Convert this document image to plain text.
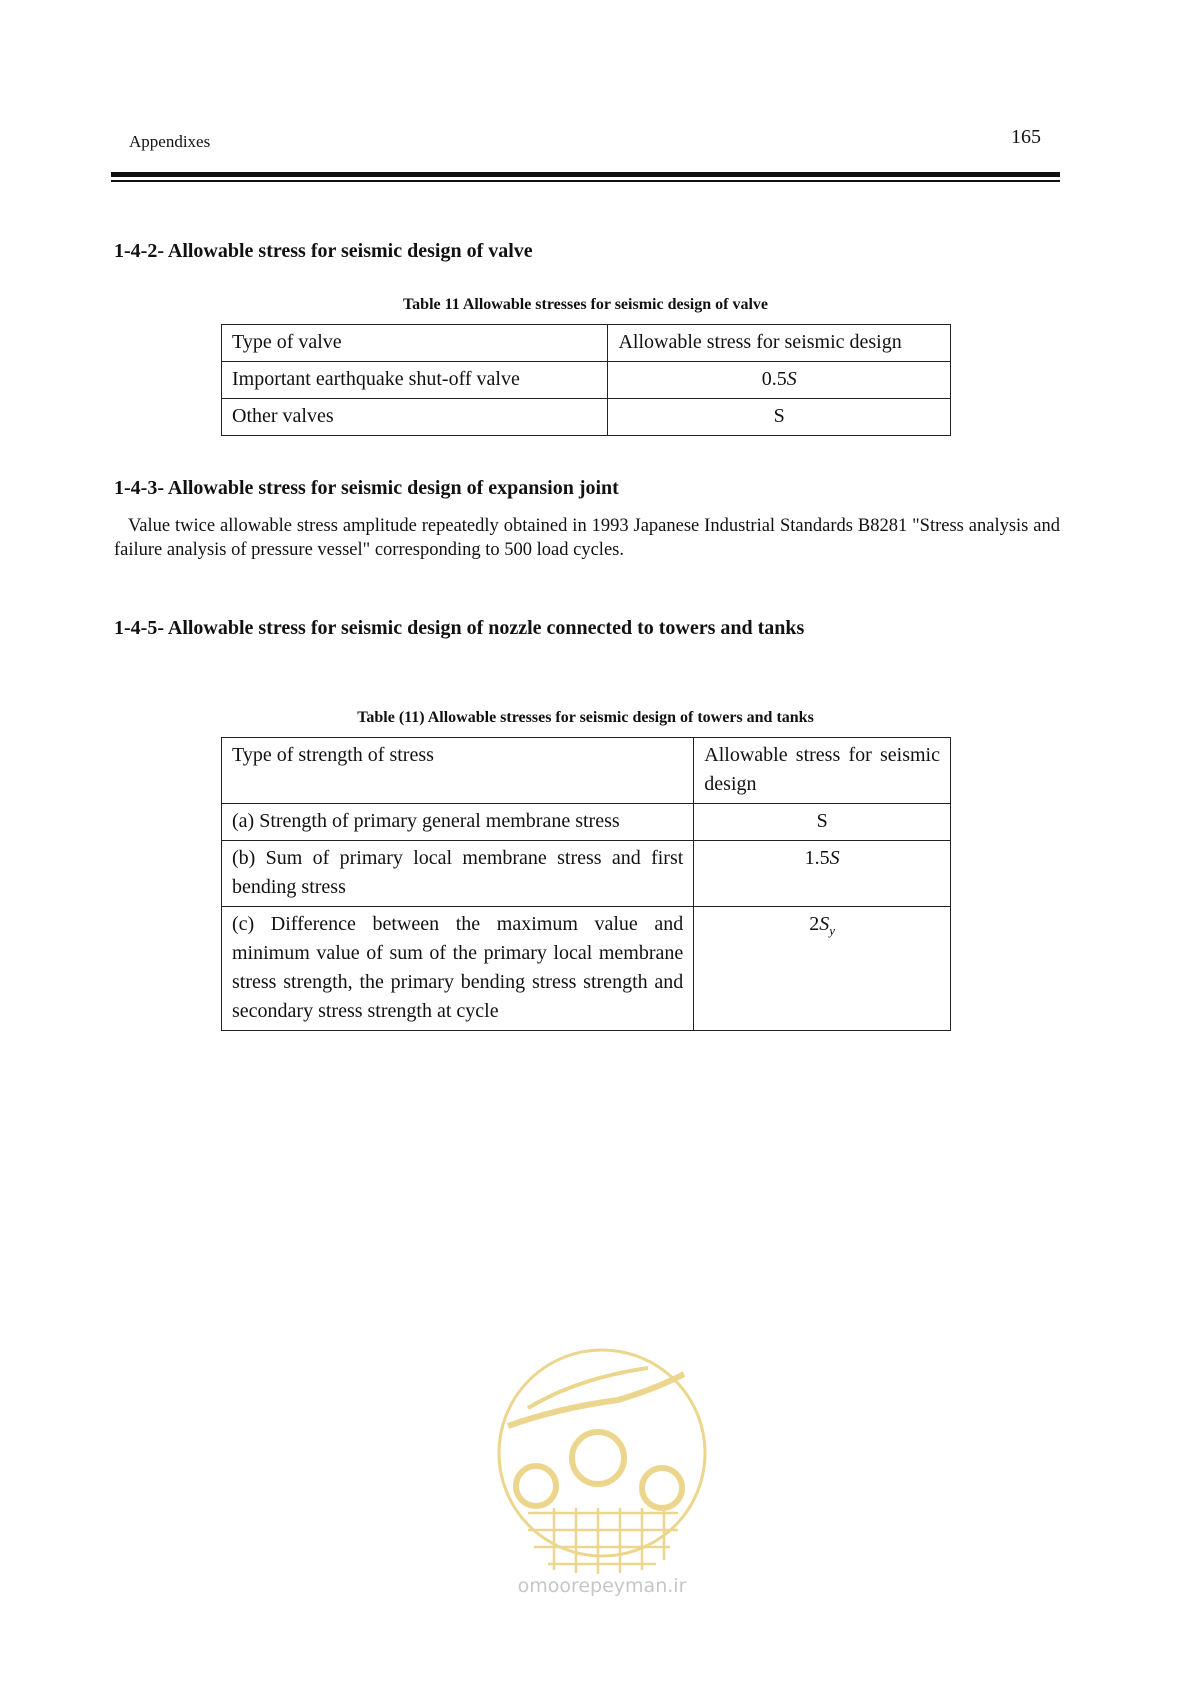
Appendixes	165
1-4-2- Allowable stress for seismic design of valve
Table 11 Allowable stresses for seismic design of valve
Type of valve	Allowable stress for seismic design
Important earthquake shut-off valve	0.5S
Other valves	S
1-4-3- Allowable stress for seismic design of expansion joint
Value twice allowable stress amplitude repeatedly obtained in 1993 Japanese Industrial Standards B8281 "Stress analysis and failure analysis of pressure vessel" corresponding to 500 load cycles.
1-4-5- Allowable stress for seismic design of nozzle connected to towers and tanks
Table (11) Allowable stresses for seismic design of towers and tanks
Type of strength of stress	Allowable stress for seismic design
(a) Strength of primary general membrane stress	S
(b) Sum of primary local membrane stress and first bending stress	1.5S
(c) Difference between the maximum value and minimum value of sum of the primary local membrane stress strength, the primary bending stress strength and secondary stress strength at cycle	$2S_y$
omoorepeyman.ir
